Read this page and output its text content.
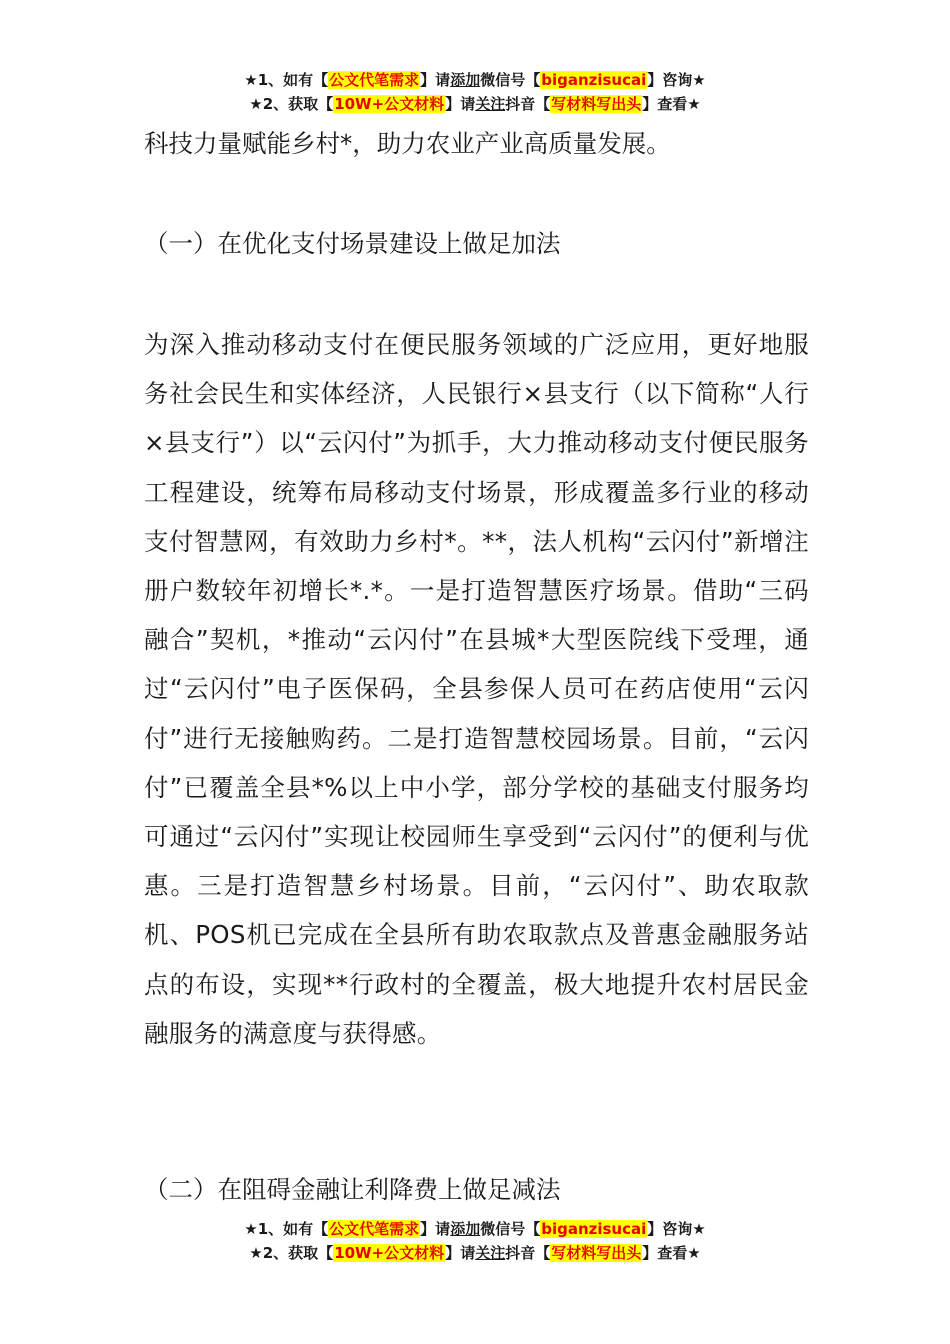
★1、如有【公文代笔需求】请添加微信号【biganzisucai】咨询★
★2、获取【10W+公文材料】请关注抖音【写材料写出头】查看★
科技力量赋能乡村*，助力农业产业高质量发展。
（一）在优化支付场景建设上做足加法
为深入推动移动支付在便民服务领域的广泛应用，更好地服务社会民生和实体经济，人民银行×县支行（以下简称“人行×县支行”）以“云闪付”为抓手，大力推动移动支付便民服务工程建设，统筹布局移动支付场景，形成覆盖多行业的移动支付智慧网，有效助力乡村*。**，法人机构“云闪付”新增注册户数较年初增长*.*。一是打造智慧医疗场景。借助“三码融合”契机，*推动“云闪付”在县城*大型医院线下受理，通过“云闪付”电子医保码，全县参保人员可在药店使用“云闪付”进行无接触购药。二是打造智慧校园场景。目前，“云闪付”已覆盖全县*%以上中小学，部分学校的基础支付服务均可通过“云闪付”实现让校园师生享受到“云闪付”的便利与优惠。三是打造智慧乡村场景。目前，“云闪付”、助农取款机、POS机已完成在全县所有助农取款点及普惠金融服务站点的布设，实现**行政村的全覆盖，极大地提升农村居民金融服务的满意度与获得感。
（二）在阻碍金融让利降费上做足减法
★1、如有【公文代笔需求】请添加微信号【biganzisucai】咨询★
★2、获取【10W+公文材料】请关注抖音【写材料写出头】查看★
